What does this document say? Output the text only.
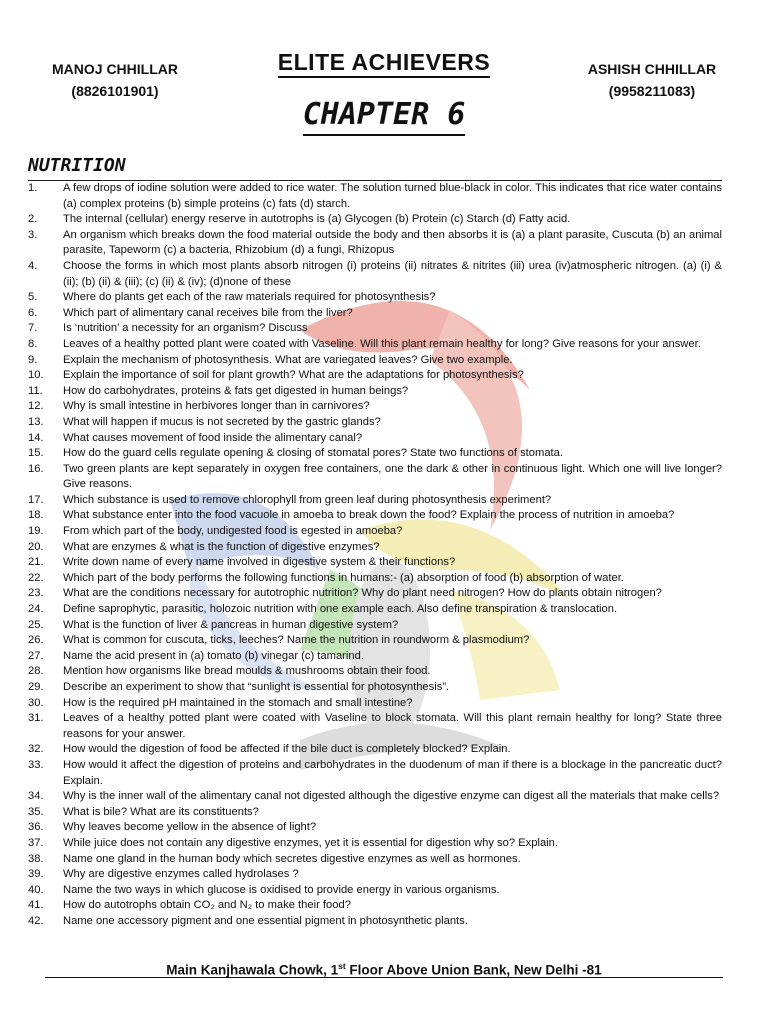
MANOJ CHHILLAR
(8826101901)
ELITE ACHIEVERS	ASHISH CHHILLAR
(9958211083)
CHAPTER 6
NUTRITION
1.	A few drops of iodine solution were added to rice water. The solution turned blue-black in color. This indicates that rice water contains (a) complex proteins (b) simple proteins (c) fats (d) starch.
2.	The internal (cellular) energy reserve in autotrophs is (a) Glycogen (b) Protein (c) Starch (d) Fatty acid.
3.	An organism which breaks down the food material outside the body and then absorbs it is (a) a plant parasite, Cuscuta (b) an animal parasite, Tapeworm (c) a bacteria, Rhizobium (d) a fungi, Rhizopus
4.	Choose the forms in which most plants absorb nitrogen (i) proteins (ii) nitrates & nitrites (iii) urea (iv)atmospheric nitrogen. (a) (i) & (ii); (b) (ii) & (iii); (c) (ii) & (iv); (d)none of these
5.	Where do plants get each of the raw materials required for photosynthesis?
6.	Which part of alimentary canal receives bile from the liver?
7.	Is ‘nutrition’ a necessity for an organism? Discuss
8.	Leaves of a healthy potted plant were coated with Vaseline. Will this plant remain healthy for long? Give reasons for your answer.
9.	Explain the mechanism of photosynthesis. What are variegated leaves? Give two example.
10.	Explain the importance of soil for plant growth? What are the adaptations for photosynthesis?
11.	How do carbohydrates, proteins & fats get digested in human beings?
12.	Why is small intestine in herbivores longer than in carnivores?
13.	What will happen if mucus is not secreted by the gastric glands?
14.	What causes movement of food inside the alimentary canal?
15.	How do the guard cells regulate opening & closing of stomatal pores? State two functions of stomata.
16.	Two green plants are kept separately in oxygen free containers, one the dark & other in continuous light. Which one will live longer? Give reasons.
17.	Which substance is used to remove chlorophyll from green leaf during photosynthesis experiment?
18.	What substance enter into the food vacuole in amoeba to break down the food? Explain the process of nutrition in amoeba?
19.	From which part of the body, undigested food is egested in amoeba?
20.	What are enzymes & what is the function of digestive enzymes?
21.	Write down name of every name involved in digestive system & their functions?
22.	Which part of the body performs the following functions in humans:- (a) absorption of food (b) absorption of water.
23.	What are the conditions necessary for autotrophic nutrition? Why do plant need nitrogen? How do plants obtain nitrogen?
24.	Define saprophytic, parasitic, holozoic nutrition with one example each. Also define transpiration & translocation.
25.	What is the function of liver & pancreas in human digestive system?
26.	What is common for cuscuta, ticks, leeches? Name the nutrition in roundworm & plasmodium?
27.	Name the acid present in (a) tomato (b) vinegar (c) tamarind.
28.	Mention how organisms like bread moulds & mushrooms obtain their food.
29.	Describe an experiment to show that “sunlight is essential for photosynthesis”.
30.	How is the required pH maintained in the stomach and small intestine?
31.	Leaves of a healthy potted plant were coated with Vaseline to block stomata. Will this plant remain healthy for long? State three reasons for your answer.
32.	How would the digestion of food be affected if the bile duct is completely blocked? Explain.
33.	How would it affect the digestion of proteins and carbohydrates in the duodenum of man if there is a blockage in the pancreatic duct? Explain.
34.	Why is the inner wall of the alimentary canal not digested although the digestive enzyme can digest all the materials that make cells?
35.	What is bile? What are its constituents?
36.	Why leaves become yellow in the absence of light?
37.	While juice does not contain any digestive enzymes, yet it is essential for digestion why so? Explain.
38.	Name one gland in the human body which secretes digestive enzymes as well as hormones.
39.	Why are digestive enzymes called hydrolases ?
40.	Name the two ways in which glucose is oxidised to provide energy in various organisms.
41.	How do autotrophs obtain CO₂ and N₂ to make their food?
42.	Name one accessory pigment and one essential pigment in photosynthetic plants.
Main Kanjhawala Chowk, 1st Floor Above Union Bank, New Delhi -81
